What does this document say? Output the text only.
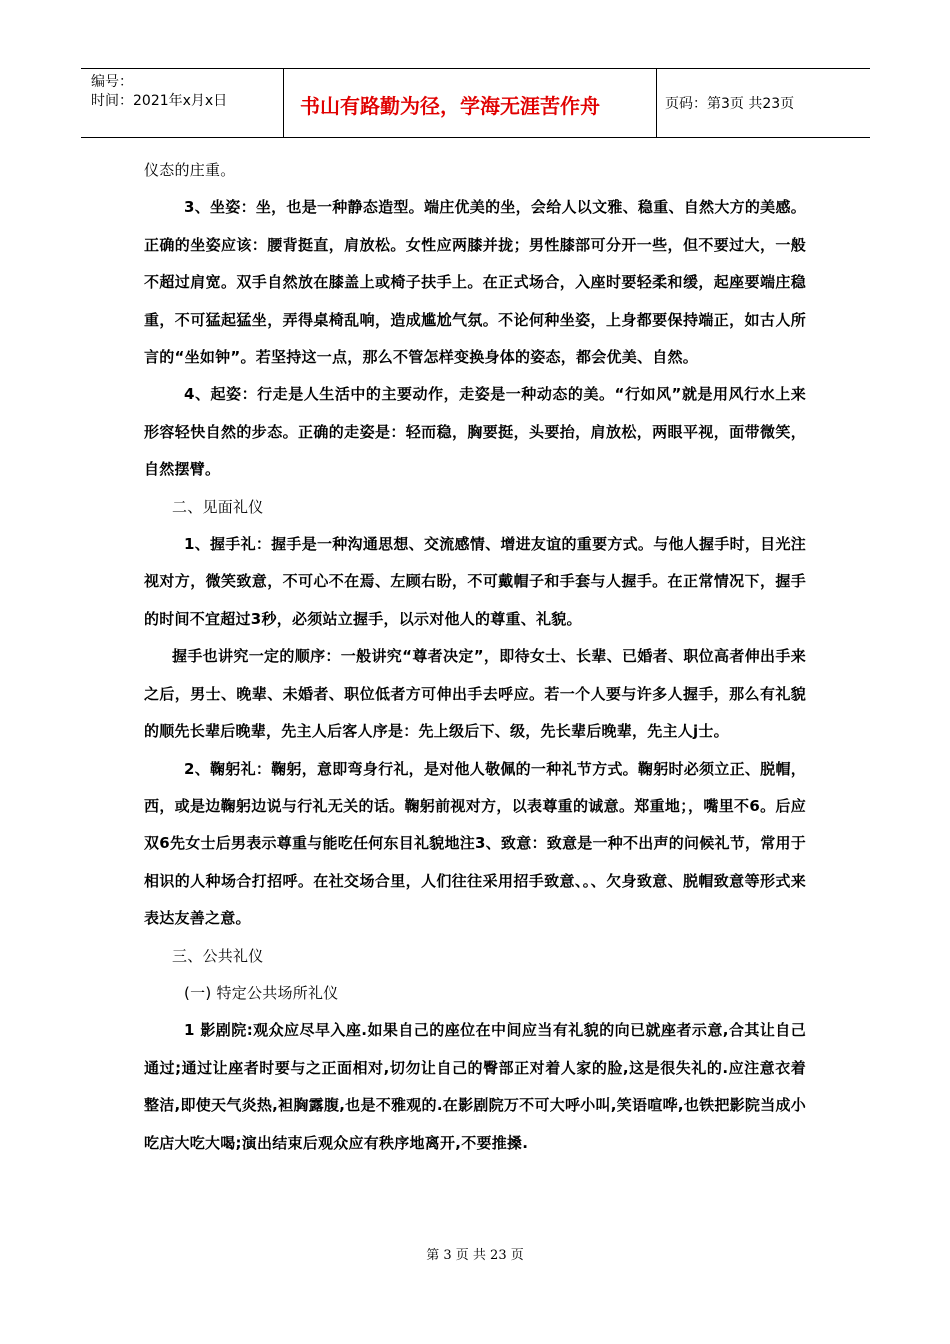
编号：
时间：2021年x月x日	书山有路勤为径，学海无涯苦作舟	页码：第3页 共23页

仪态的庄重。

3、坐姿：坐，也是一种静态造型。端庄优美的坐，会给人以文雅、稳重、自然大方的美感。正确的坐姿应该：腰背挺直，肩放松。女性应两膝并拢；男性膝部可分开一些，但不要过大，一般不超过肩宽。双手自然放在膝盖上或椅子扶手上。在正式场合，入座时要轻柔和缓，起座要端庄稳重，不可猛起猛坐，弄得桌椅乱响，造成尴尬气氛。不论何种坐姿，上身都要保持端正，如古人所言的“坐如钟”。若坚持这一点，那么不管怎样变换身体的姿态，都会优美、自然。

4、起姿：行走是人生活中的主要动作，走姿是一种动态的美。“行如风”就是用风行水上来形容轻快自然的步态。正确的走姿是：轻而稳，胸要挺，头要抬，肩放松，两眼平视，面带微笑，自然摆臂。

二、见面礼仪

1、握手礼：握手是一种沟通思想、交流感情、增进友谊的重要方式。与他人握手时，目光注视对方，微笑致意，不可心不在焉、左顾右盼，不可戴帽子和手套与人握手。在正常情况下，握手的时间不宜超过3秒，必须站立握手，以示对他人的尊重、礼貌。

握手也讲究一定的顺序：一般讲究“尊者决定”，即待女士、长辈、已婚者、职位高者伸出手来之后，男士、晚辈、未婚者、职位低者方可伸出手去呼应。若一个人要与许多人握手，那么有礼貌的顺先长辈后晚辈，先主人后客人序是：先上级后下、级，先长辈后晚辈，先主人j士。

2、鞠躬礼：鞠躬，意即弯身行礼，是对他人敬佩的一种礼节方式。鞠躬时必须立正、脱帽，西，或是边鞠躬边说与行礼无关的话。鞠躬前视对方，以表尊重的诚意。郑重地；，嘴里不6。后应双6先女士后男表示尊重与能吃任何东目礼貌地注3、致意：致意是一种不出声的问候礼节，常用于相识的人种场合打招呼。在社交场合里，人们往往采用招手致意、。、欠身致意、脱帽致意等形式来表达友善之意。

三、公共礼仪

(一) 特定公共场所礼仪

1 影剧院:观众应尽早入座.如果自己的座位在中间应当有礼貌的向已就座者示意,合其让自己通过;通过让座者时要与之正面相对,切勿让自己的臀部正对着人家的脸,这是很失礼的.应注意衣着整洁,即使天气炎热,袒胸露腹,也是不雅观的.在影剧院万不可大呼小叫,笑语喧哗,也铁把影院当成小吃店大吃大喝;演出结束后观众应有秩序地离开,不要推搡.

第 3 页 共 23 页
